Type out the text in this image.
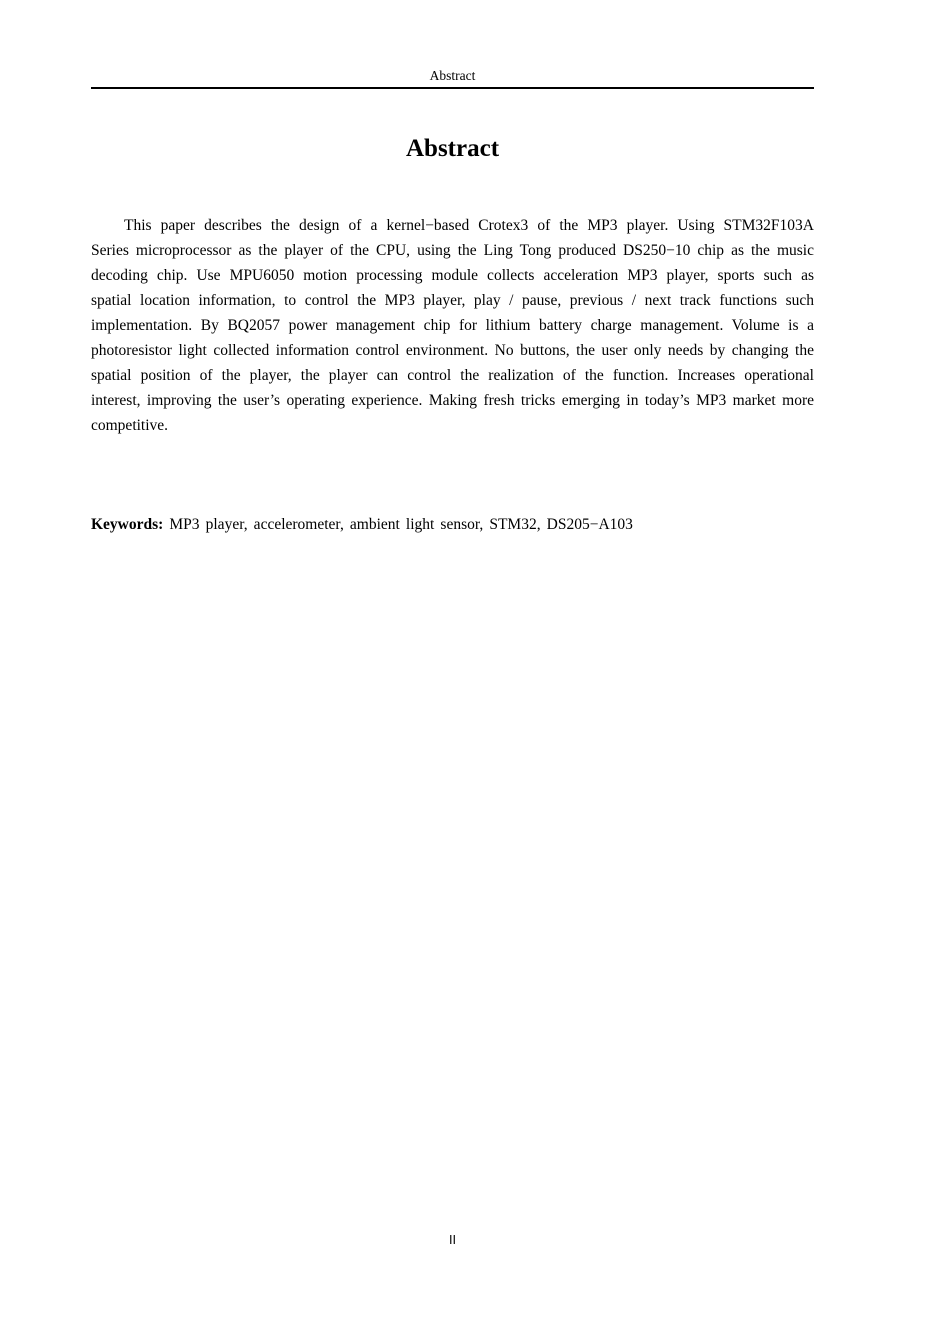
Abstract
Abstract

This paper describes the design of a kernel−based Crotex3 of the MP3 player. Using STM32F103A Series microprocessor as the player of the CPU, using the Ling Tong produced DS250−10 chip as the music decoding chip. Use MPU6050 motion processing module collects acceleration MP3 player, sports such as spatial location information, to control the MP3 player, play / pause, previous / next track functions such implementation. By BQ2057 power management chip for lithium battery charge management. Volume is a photoresistor light collected information control environment. No buttons, the user only needs by changing the spatial position of the player, the player can control the realization of the function. Increases operational interest, improving the user’s operating experience. Making fresh tricks emerging in today’s MP3 market more competitive.

Keywords: MP3 player, accelerometer, ambient light sensor, STM32, DS205−A103

II
